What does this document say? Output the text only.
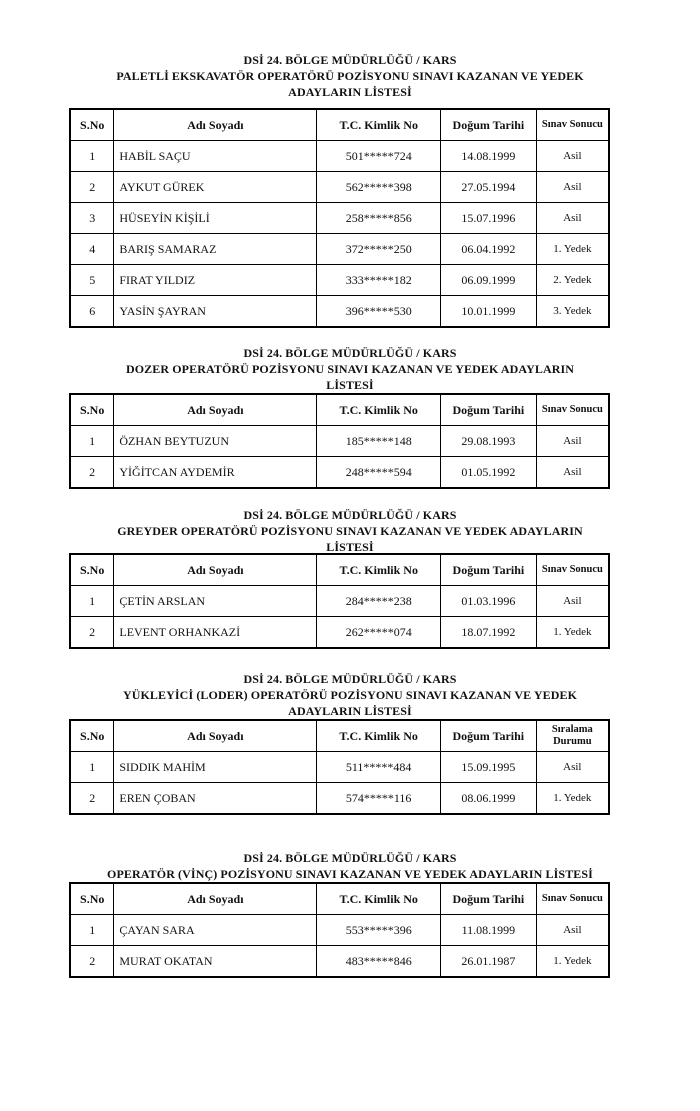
DSİ 24. BÖLGE MÜDÜRLÜĞÜ / KARS
PALETLİ EKSKAVATÖR OPERATÖRÜ POZİSYONU SINAVI KAZANAN VE YEDEK
ADAYLARIN LİSTESİ
S.No	Adı Soyadı	T.C. Kimlik No	Doğum Tarihi	Sınav Sonucu
1	HABİL SAÇU	501*****724	14.08.1999	Asil
2	AYKUT GÜREK	562*****398	27.05.1994	Asil
3	HÜSEYİN KİŞİLİ	258*****856	15.07.1996	Asil
4	BARIŞ SAMARAZ	372*****250	06.04.1992	1. Yedek
5	FIRAT YILDIZ	333*****182	06.09.1999	2. Yedek
6	YASİN ŞAYRAN	396*****530	10.01.1999	3. Yedek
DSİ 24. BÖLGE MÜDÜRLÜĞÜ / KARS
DOZER OPERATÖRÜ POZİSYONU SINAVI KAZANAN VE YEDEK ADAYLARIN
LİSTESİ
S.No	Adı Soyadı	T.C. Kimlik No	Doğum Tarihi	Sınav Sonucu
1	ÖZHAN BEYTUZUN	185*****148	29.08.1993	Asil
2	YİĞİTCAN AYDEMİR	248*****594	01.05.1992	Asil
DSİ 24. BÖLGE MÜDÜRLÜĞÜ / KARS
GREYDER OPERATÖRÜ POZİSYONU SINAVI KAZANAN VE YEDEK ADAYLARIN
LİSTESİ
S.No	Adı Soyadı	T.C. Kimlik No	Doğum Tarihi	Sınav Sonucu
1	ÇETİN ARSLAN	284*****238	01.03.1996	Asil
2	LEVENT ORHANKAZİ	262*****074	18.07.1992	1. Yedek
DSİ 24. BÖLGE MÜDÜRLÜĞÜ / KARS
YÜKLEYİCİ (LODER) OPERATÖRÜ POZİSYONU SINAVI KAZANAN VE YEDEK
ADAYLARIN LİSTESİ
S.No	Adı Soyadı	T.C. Kimlik No	Doğum Tarihi	Sıralama Durumu
1	SIDDIK MAHİM	511*****484	15.09.1995	Asil
2	EREN ÇOBAN	574*****116	08.06.1999	1. Yedek
DSİ 24. BÖLGE MÜDÜRLÜĞÜ / KARS
OPERATÖR (VİNÇ) POZİSYONU SINAVI KAZANAN VE YEDEK ADAYLARIN LİSTESİ
S.No	Adı Soyadı	T.C. Kimlik No	Doğum Tarihi	Sınav Sonucu
1	ÇAYAN SARA	553*****396	11.08.1999	Asil
2	MURAT OKATAN	483*****846	26.01.1987	1. Yedek
